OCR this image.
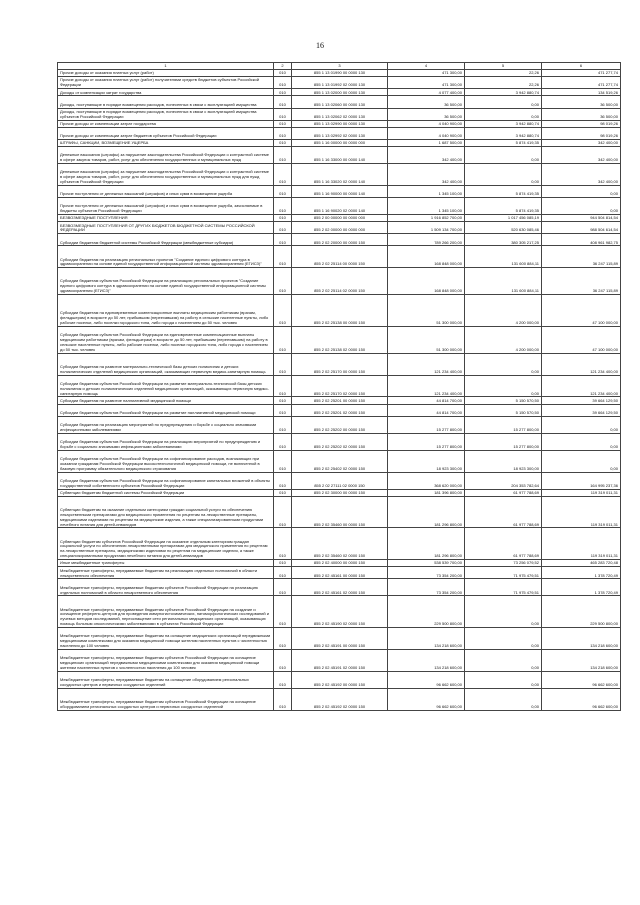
16
1	2	3	4	5	6
Прочие доходы от оказания платных услуг (работ)	010	855 1 13 01990 00 0000 130	471 300,00	22,26	471 277,74
Прочие доходы от оказания платных услуг (работ) получателями средств бюджетов субъектов Российской Федерации	010	855 1 13 01992 02 0000 130	471 300,00	22,26	471 277,74
Доходы от компенсации затрат государства	010	855 1 13 02000 00 0000 130	4 077 400,00	3 942 880,74	134 519,26
Доходы, поступающие в порядке возмещения расходов, понесенных в связи с эксплуатацией имущества	010	855 1 13 02060 00 0000 130	36 500,00	0,00	36 500,00
Доходы, поступающие в порядке возмещения расходов, понесенных в связи с эксплуатацией имущества субъектов Российской Федерации	010	855 1 13 02062 02 0000 130	36 500,00	0,00	36 500,00
Прочие доходы от компенсации затрат государства	010	855 1 13 02990 00 0000 130	4 040 900,00	3 942 880,74	98 019,26
Прочие доходы от компенсации затрат бюджетов субъектов Российской Федерации	010	855 1 13 02992 02 0000 130	4 040 900,00	3 942 880,74	98 019,26
ШТРАФЫ, САНКЦИИ, ВОЗМЕЩЕНИЕ УЩЕРБА	010	855 1 16 00000 00 0000 000	1 687 500,00	5 874 419,35	342 400,00
Денежные взыскания (штрафы) за нарушение законодательства Российской Федерации о контрактной системе в сфере закупок товаров, работ, услуг для обеспечения государственных и муниципальных нужд	010	855 1 16 33000 00 0000 140	342 400,00	0,00	342 400,00
Денежные взыскания (штрафы) за нарушение законодательства Российской Федерации о контрактной системе в сфере закупок товаров, работ, услуг для обеспечения государственных и муниципальных нужд для нужд субъектов Российской Федерации	010	855 1 16 33020 02 0000 140	342 400,00	0,00	342 400,00
Прочие поступления от денежных взысканий (штрафов) и иных сумм в возмещение ущерба	010	855 1 16 90000 00 0000 140	1 345 100,00	5 874 419,35	0,00
Прочие поступления от денежных взысканий (штрафов) и иных сумм в возмещение ущерба, зачисляемые в бюджеты субъектов Российской Федерации	010	855 1 16 90020 02 0000 140	1 345 100,00	5 874 419,35	0,00
БЕЗВОЗМЕЗДНЫЕ ПОСТУПЛЕНИЯ	010	855 2 00 00000 00 0000 000	1 916 852 700,00	1 017 456 085,19	944 504 814,54
БЕЗВОЗМЕЗДНЫЕ ПОСТУПЛЕНИЯ ОТ ДРУГИХ БЮДЖЕТОВ БЮДЖЕТНОЙ СИСТЕМЫ РОССИЙСКОЙ ФЕДЕРАЦИИ	010	855 2 02 00000 00 0000 000	1 509 134 700,00	520 630 085,46	988 504 614,54
Субсидии бюджетам бюджетной системы Российской Федерации (межбюджетные субсидии)	010	855 2 02 20000 00 0000 150	789 266 200,00	380 305 217,25	408 961 982,75
Субсидии бюджетам на реализацию региональных проектов "Создание единого цифрового контура в здравоохранении на основе единой государственной информационной системы здравоохранения (ЕГИСЗ)"	010	855 2 02 25114 00 0000 150	168 848 000,00	131 600 884,11	36 247 115,89
Субсидии бюджетам субъектов Российской Федерации на реализацию региональных проектов "Создание единого цифрового контура в здравоохранении на основе единой государственной информационной системы здравоохранения (ЕГИСЗ)"	010	855 2 02 25114 02 0000 150	168 848 000,00	131 600 884,11	36 247 115,89
Субсидии бюджетам на единовременные компенсационные выплаты медицинским работникам (врачам, фельдшерам) в возрасте до 50 лет, прибывшим (переехавшим) на работу в сельские населенные пункты, либо рабочие поселки, либо поселки городского типа, либо города с населением до 50 тыс. человек	010	855 2 02 25138 00 0000 150	51 300 000,00	4 200 000,00	47 100 000,00
Субсидии бюджетам субъектов Российской Федерации на единовременные компенсационные выплаты медицинским работникам (врачам, фельдшерам) в возрасте до 50 лет, прибывшим (переехавшим) на работу в сельские населенные пункты, либо рабочие поселки, либо поселки городского типа, либо города с населением до 50 тыс. человек	010	855 2 02 25138 02 0000 150	51 300 000,00	4 200 000,00	47 100 000,00
Субсидии бюджетам на развитие материально-технической базы детских поликлиник и детских поликлинических отделений медицинских организаций, оказывающих первичную медико-санитарную помощь	010	855 2 02 25170 00 0000 150	121 234 400,00	0,00	121 234 400,00
Субсидии бюджетам субъектов Российской Федерации на развитие материально-технической базы детских поликлиник и детских поликлинических отделений медицинских организаций, оказывающих первичную медико-санитарную помощь	010	855 2 02 25170 02 0000 150	121 234 400,00	0,00	121 234 400,00
Субсидии бюджетам на развитие паллиативной медицинской помощи	010	855 2 02 25201 00 0000 150	44 814 700,00	5 150 570,50	39 664 129,50
Субсидии бюджетам субъектов Российской Федерации на развитие паллиативной медицинской помощи	010	855 2 02 25201 02 0000 150	44 814 700,00	5 150 570,50	39 664 129,50
Субсидии бюджетам на реализацию мероприятий по предупреждению и борьбе с социально значимыми инфекционными заболеваниями	010	855 2 02 25202 00 0000 150	15 277 800,00	15 277 800,00	0,00
Субсидии бюджетам субъектов Российской Федерации на реализацию мероприятий по предупреждению и борьбе с социально значимыми инфекционными заболеваниями	010	855 2 02 25202 02 0000 150	15 277 800,00	15 277 800,00	0,00
Субсидии бюджетам субъектов Российской Федерации на софинансирование расходов, возникающих при оказании гражданам Российской Федерации высокотехнологичной медицинской помощи, не включенной в базовую программу обязательного медицинского страхования	010	855 2 02 25402 02 0000 150	18 923 300,00	18 923 300,00	0,00
Субсидии бюджетам субъектов Российской Федерации на софинансирование капитальных вложений в объекты государственной собственности субъектов Российской Федерации	010	855 2 02 27111 02 0000 150	368 620 000,00	204 353 782,64	164 995 237,36
Субвенции бюджетам бюджетной системы Российской Федерации	010	855 2 02 30000 00 0000 150	181 396 800,00	61 977 788,69	119 319 011,31
Субвенции бюджетам на оказание отдельным категориям граждан социальной услуги по обеспечению лекарственными препаратами для медицинского применения по рецептам на лекарственные препараты, медицинскими изделиями по рецептам на медицинские изделия, а также специализированными продуктами лечебного питания для детей-инвалидов	010	855 2 02 35460 00 0000 150	181 296 800,00	61 977 788,69	119 319 011,31
Субвенции бюджетам субъектов Российской Федерации на оказание отдельным категориям граждан социальной услуги по обеспечению лекарственными препаратами для медицинского применения по рецептам на лекарственные препараты, медицинскими изделиями по рецептам на медицинские изделия, а также специализированными продуктами лечебного питания для детей-инвалидов	010	855 2 02 35460 02 0000 150	181 296 800,00	61 977 788,69	119 319 011,31
Иные межбюджетные трансферты	010	855 2 02 40000 00 0000 150	538 539 700,00	73 256 079,52	465 283 720,48
Межбюджетные трансферты, передаваемые бюджетам на реализацию отдельных полномочий в области лекарственного обеспечения	010	855 2 02 45161 00 0000 150	73 354 200,00	71 975 479,51	1 378 720,49
Межбюджетные трансферты, передаваемые бюджетам субъектов Российской Федерации на реализацию отдельных полномочий в области лекарственного обеспечения	010	855 2 02 45161 02 0000 150	73 354 200,00	71 975 479,51	1 378 720,49
Межбюджетные трансферты, передаваемые бюджетам субъектов Российской Федерации на создание и оснащение референс-центров для проведения иммуногистохимических, патоморфологических исследований и лучевых методов исследований, переоснащение сети региональных медицинских организаций, оказывающих помощь больным онкологическими заболеваниями в субъектах Российской Федерации	010	855 2 02 45190 02 0000 150	229 500 800,00	0,00	229 500 800,00
Межбюджетные трансферты, передаваемые бюджетам на оснащение медицинских организаций передвижными медицинскими комплексами для оказания медицинской помощи жителям населенных пунктов с численностью населения до 100 человек	010	855 2 02 45191 00 0000 150	134 218 600,00	0,00	134 218 600,00
Межбюджетные трансферты, передаваемые бюджетам субъектов Российской Федерации на оснащение медицинских организаций передвижными медицинскими комплексами для оказания медицинской помощи жителям населенных пунктов с численностью населения до 100 человек	010	855 2 02 45191 02 0000 150	134 218 600,00	0,00	134 218 600,00
Межбюджетные трансферты, передаваемые бюджетам на оснащение оборудованием региональных сосудистых центров и первичных сосудистых отделений	010	855 2 02 45192 00 0000 150	96 662 600,00	0,00	96 662 600,00
Межбюджетные трансферты, передаваемые бюджетам субъектов Российской Федерации на оснащение оборудованием региональных сосудистых центров и первичных сосудистых отделений	010	855 2 02 45192 02 0000 150	96 662 600,00	0,00	96 662 600,00
